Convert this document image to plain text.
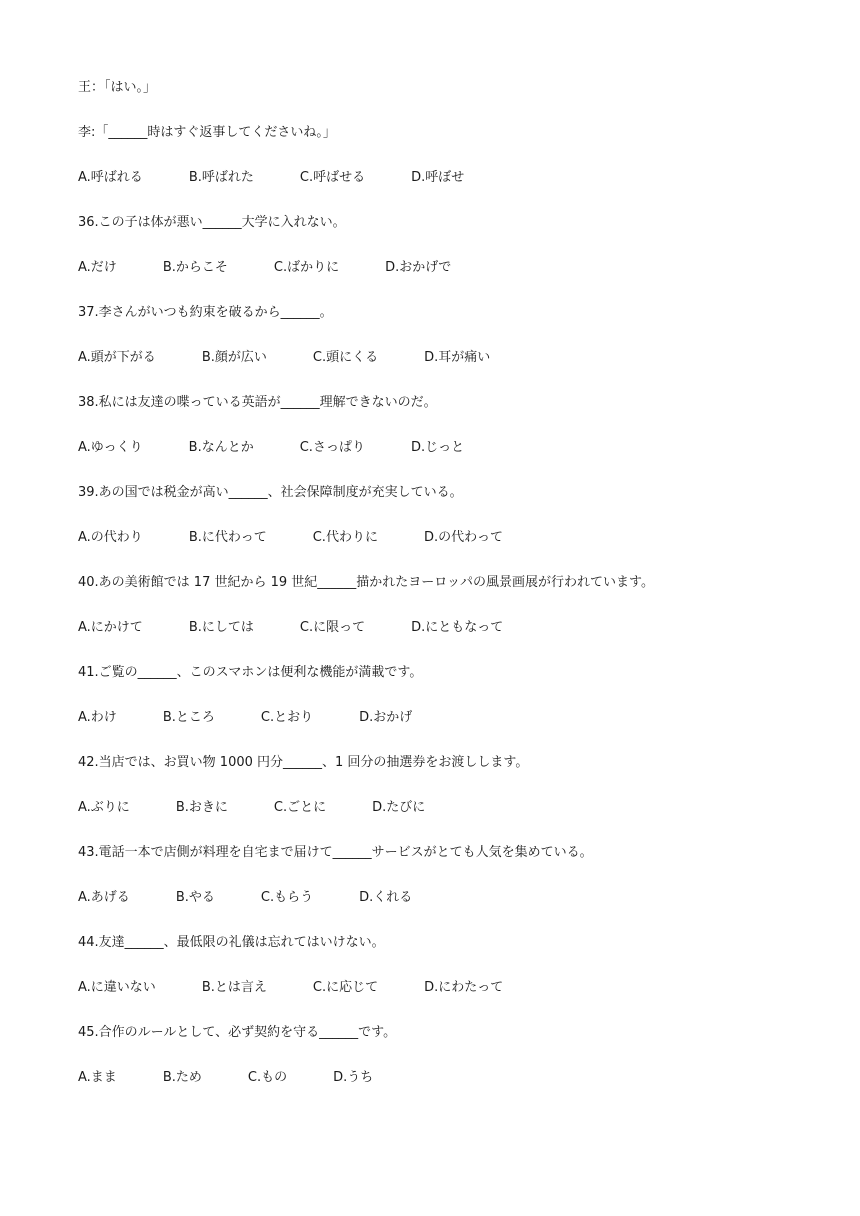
王：「はい。」
李:「______時はすぐ返事してくださいね。」
A.呼ばれる	B.呼ばれた	C.呼ばせる	D.呼ぼせ
36.この子は体が悪い______大学に入れない。
A.だけ	B.からこそ	C.ばかりに	D.おかげで
37.李さんがいつも約束を破るから______。
A.頭が下がる	B.顔が広い	C.頭にくる	D.耳が痛い
38.私には友達の喋っている英語が______理解できないのだ。
A.ゆっくり	B.なんとか	C.さっぱり	D.じっと
39.あの国では税金が高い______、社会保障制度が充実している。
A.の代わり	B.に代わって	C.代わりに	D.の代わって
40.あの美術館では 17 世紀から 19 世紀______描かれたヨーロッパの風景画展が行われています。
A.にかけて	B.にしては	C.に限って	D.にともなって
41.ご覧の______、このスマホンは便利な機能が満載です。
A.わけ	B.ところ	C.とおり	D.おかげ
42.当店では、お買い物 1000 円分______、1 回分の抽選券をお渡しします。
A.ぶりに	B.おきに	C.ごとに	D.たびに
43.電話一本で店側が料理を自宅まで届けて______サービスがとても人気を集めている。
A.あげる	B.やる	C.もらう	D.くれる
44.友達______、最低限の礼儀は忘れてはいけない。
A.に違いない	B.とは言え	C.に応じて	D.にわたって
45.合作のルールとして、必ず契約を守る______です。
A.まま	B.ため	C.もの	D.うち
